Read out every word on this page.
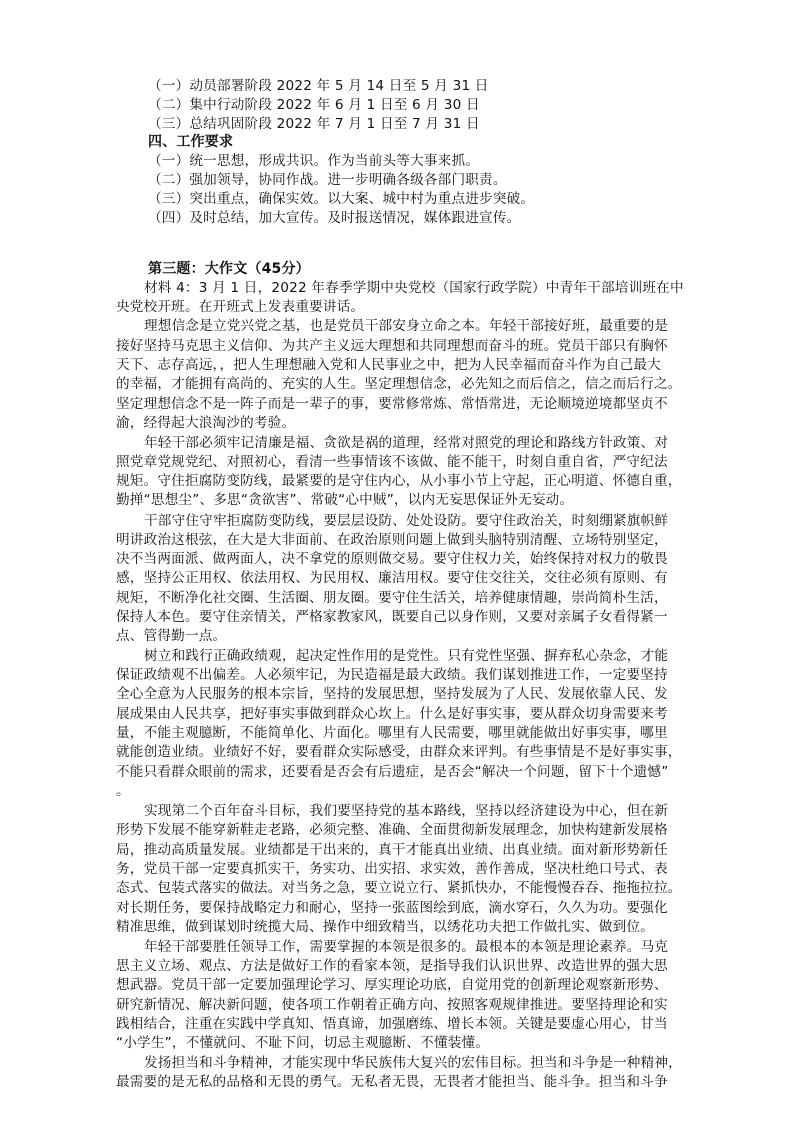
（一）动员部署阶段 2022 年 5 月 14 日至 5 月 31 日

（二）集中行动阶段 2022 年 6 月 1 日至 6 月 30 日

（三）总结巩固阶段 2022 年 7 月 1 日至 7 月 31 日

四、工作要求

（一）统一思想，形成共识。作为当前头等大事来抓。

（二）强加领导，协同作战。进一步明确各级各部门职责。

（三）突出重点，确保实效。以大案、城中村为重点进步突破。

（四）及时总结，加大宣传。及时报送情况，媒体跟进宣传。

第三题：大作文（45分）

材料 4：3 月 1 日，2022 年春季学期中央党校（国家行政学院）中青年干部培训班在中

央党校开班。在开班式上发表重要讲话。

理想信念是立党兴党之基，也是党员干部安身立命之本。年轻干部接好班，最重要的是

接好坚持马克思主义信仰、为共产主义远大理想和共同理想而奋斗的班。党员干部只有胸怀

天下、志存高远，，把人生理想融入党和人民事业之中，把为人民幸福而奋斗作为自己最大

的幸福，才能拥有高尚的、充实的人生。坚定理想信念，必先知之而后信之，信之而后行之。

坚定理想信念不是一阵子而是一辈子的事，要常修常炼、常悟常进，无论顺境逆境都坚贞不

渝，经得起大浪淘沙的考验。

年轻干部必须牢记清廉是福、贪欲是祸的道理，经常对照党的理论和路线方针政策、对

照党章党规党纪、对照初心，看清一些事情该不该做、能不能干，时刻自重自省，严守纪法

规矩。守住拒腐防变防线，最紧要的是守住内心，从小事小节上守起，正心明道、怀德自重，

勤掸“思想尘”、多思“贪欲害”、常破“心中贼”，以内无妄思保证外无妄动。

干部守住守牢拒腐防变防线，要层层设防、处处设防。要守住政治关，时刻绷紧旗帜鲜

明讲政治这根弦，在大是大非面前、在政治原则问题上做到头脑特别清醒、立场特别坚定，

决不当两面派、做两面人，决不拿党的原则做交易。要守住权力关，始终保持对权力的敬畏

感，坚持公正用权、依法用权、为民用权、廉洁用权。要守住交往关，交往必须有原则、有

规矩，不断净化社交圈、生活圈、朋友圈。要守住生活关，培养健康情趣，崇尚简朴生活，

保持人本色。要守住亲情关，严格家教家风，既要自己以身作则，又要对亲属子女看得紧一

点、管得勤一点。

树立和践行正确政绩观，起决定性作用的是党性。只有党性坚强、摒弃私心杂念，才能

保证政绩观不出偏差。人必须牢记，为民造福是最大政绩。我们谋划推进工作，一定要坚持

全心全意为人民服务的根本宗旨，坚持的发展思想，坚持发展为了人民、发展依靠人民、发

展成果由人民共享，把好事实事做到群众心坎上。什么是好事实事，要从群众切身需要来考

量，不能主观臆断，不能简单化、片面化。哪里有人民需要，哪里就能做出好事实事，哪里

就能创造业绩。业绩好不好，要看群众实际感受，由群众来评判。有些事情是不是好事实事，

不能只看群众眼前的需求，还要看是否会有后遗症，是否会“解决一个问题，留下十个遗憾”

。

实现第二个百年奋斗目标，我们要坚持党的基本路线，坚持以经济建设为中心，但在新

形势下发展不能穿新鞋走老路，必须完整、准确、全面贯彻新发展理念，加快构建新发展格

局，推动高质量发展。业绩都是干出来的，真干才能真出业绩、出真业绩。面对新形势新任

务，党员干部一定要真抓实干，务实功、出实招、求实效，善作善成，坚决杜绝口号式、表

态式、包装式落实的做法。对当务之急，要立说立行、紧抓快办，不能慢慢吞吞、拖拖拉拉。

对长期任务，要保持战略定力和耐心，坚持一张蓝图绘到底，滴水穿石，久久为功。要强化

精准思维，做到谋划时统揽大局、操作中细致精当，以绣花功夫把工作做扎实、做到位。

年轻干部要胜任领导工作，需要掌握的本领是很多的。最根本的本领是理论素养。马克

思主义立场、观点、方法是做好工作的看家本领，是指导我们认识世界、改造世界的强大思

想武器。党员干部一定要加强理论学习、厚实理论功底，自觉用党的创新理论观察新形势、

研究新情况、解决新问题，使各项工作朝着正确方向、按照客观规律推进。要坚持理论和实

践相结合，注重在实践中学真知、悟真谛，加强磨练、增长本领。关键是要虚心用心，甘当

“小学生”，不懂就问、不耻下问，切忌主观臆断、不懂装懂。

发扬担当和斗争精神，才能实现中华民族伟大复兴的宏伟目标。担当和斗争是一种精神，

最需要的是无私的品格和无畏的勇气。无私者无畏，无畏者才能担当、能斗争。担当和斗争
